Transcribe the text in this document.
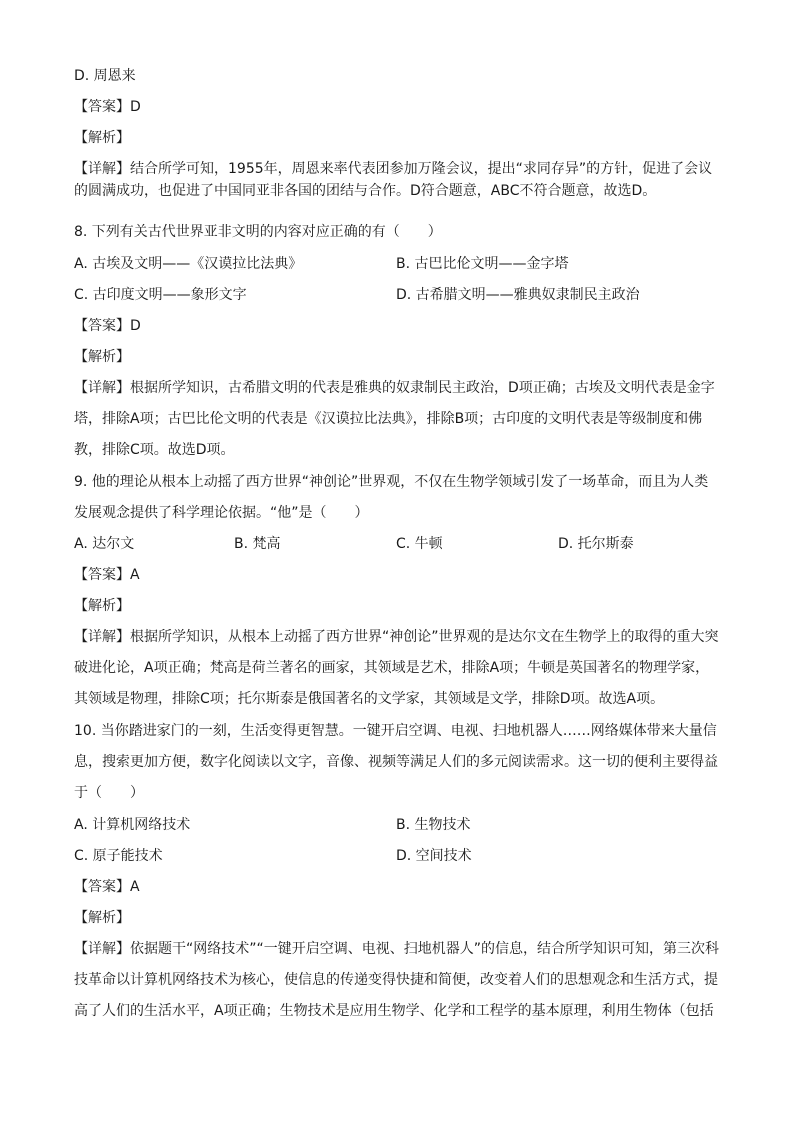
D. 周恩来
【答案】D
【解析】
【详解】结合所学可知，1955年，周恩来率代表团参加万隆会议，提出“求同存异”的方针，促进了会议的圆满成功，也促进了中国同亚非各国的团结与合作。D符合题意，ABC不符合题意，故选D。
8. 下列有关古代世界亚非文明的内容对应正确的有（　　）
A. 古埃及文明——《汉谟拉比法典》	B. 古巴比伦文明——金字塔
C. 古印度文明——象形文字	D. 古希腊文明——雅典奴隶制民主政治
【答案】D
【解析】
【详解】根据所学知识，古希腊文明的代表是雅典的奴隶制民主政治，D项正确；古埃及文明代表是金字
塔，排除A项；古巴比伦文明的代表是《汉谟拉比法典》，排除B项；古印度的文明代表是等级制度和佛
教，排除C项。故选D项。
9. 他的理论从根本上动摇了西方世界“神创论”世界观，不仅在生物学领域引发了一场革命，而且为人类
发展观念提供了科学理论依据。“他”是（　　）
A. 达尔文	B. 梵高	C. 牛顿	D. 托尔斯泰
【答案】A
【解析】
【详解】根据所学知识，从根本上动摇了西方世界“神创论”世界观的是达尔文在生物学上的取得的重大突
破进化论，A项正确；梵高是荷兰著名的画家，其领域是艺术，排除A项；牛顿是英国著名的物理学家，
其领域是物理，排除C项；托尔斯泰是俄国著名的文学家，其领域是文学，排除D项。故选A项。
10. 当你踏进家门的一刻，生活变得更智慧。一键开启空调、电视、扫地机器人……网络媒体带来大量信
息，搜索更加方便，数字化阅读以文字，音像、视频等满足人们的多元阅读需求。这一切的便利主要得益
于（　　）
A. 计算机网络技术	B. 生物技术
C. 原子能技术	D. 空间技术
【答案】A
【解析】
【详解】依据题干“网络技术”“一键开启空调、电视、扫地机器人”的信息，结合所学知识可知，第三次科
技革命以计算机网络技术为核心，使信息的传递变得快捷和简便，改变着人们的思想观念和生活方式，提
高了人们的生活水平，A项正确；生物技术是应用生物学、化学和工程学的基本原理，利用生物体（包括
